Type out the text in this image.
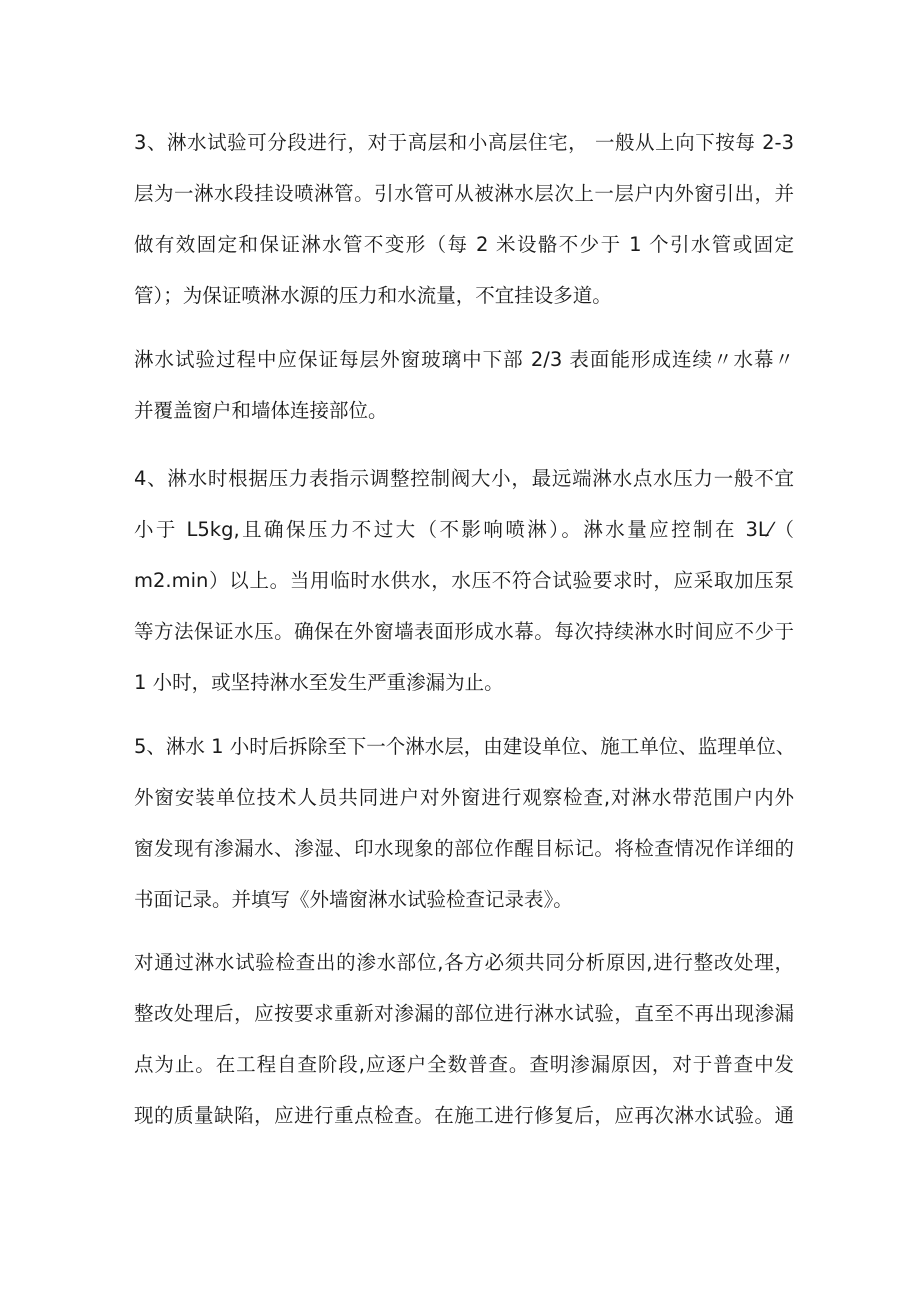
3、淋水试验可分段进行，对于高层和小高层住宅， 一般从上向下按每 2-3
层为一淋水段挂设喷淋管。引水管可从被淋水层次上一层户内外窗引出，并
做有效固定和保证淋水管不变形（每 2 米设骼不少于 1 个引水管或固定
管）；为保证喷淋水源的压力和水流量，不宜挂设多道。
淋水试验过程中应保证每层外窗玻璃中下部 2/3 表面能形成连续〃水幕〃
并覆盖窗户和墙体连接部位。
4、淋水时根据压力表指示调整控制阀大小，最远端淋水点水压力一般不宜
小于 L5kg,且确保压力不过大（不影响喷淋）。淋水量应控制在 3L⁄（
m2.min）以上。当用临时水供水，水压不符合试验要求时，应采取加压泵
等方法保证水压。确保在外窗墙表面形成水幕。每次持续淋水时间应不少于
1 小时，或坚持淋水至发生严重渗漏为止。
5、淋水 1 小时后拆除至下一个淋水层，由建设单位、施工单位、监理单位、
外窗安装单位技术人员共同进户对外窗进行观察检查,对淋水带范围户内外
窗发现有渗漏水、渗湿、印水现象的部位作醒目标记。将检查情况作详细的
书面记录。并填写《外墙窗淋水试验检查记录表》。
对通过淋水试验检查出的渗水部位,各方必须共同分析原因,进行整改处理，
整改处理后，应按要求重新对渗漏的部位进行淋水试验，直至不再出现渗漏
点为止。在工程自查阶段,应逐户全数普查。查明渗漏原因，对于普查中发
现的质量缺陷，应进行重点检查。在施工进行修复后，应再次淋水试验。通
